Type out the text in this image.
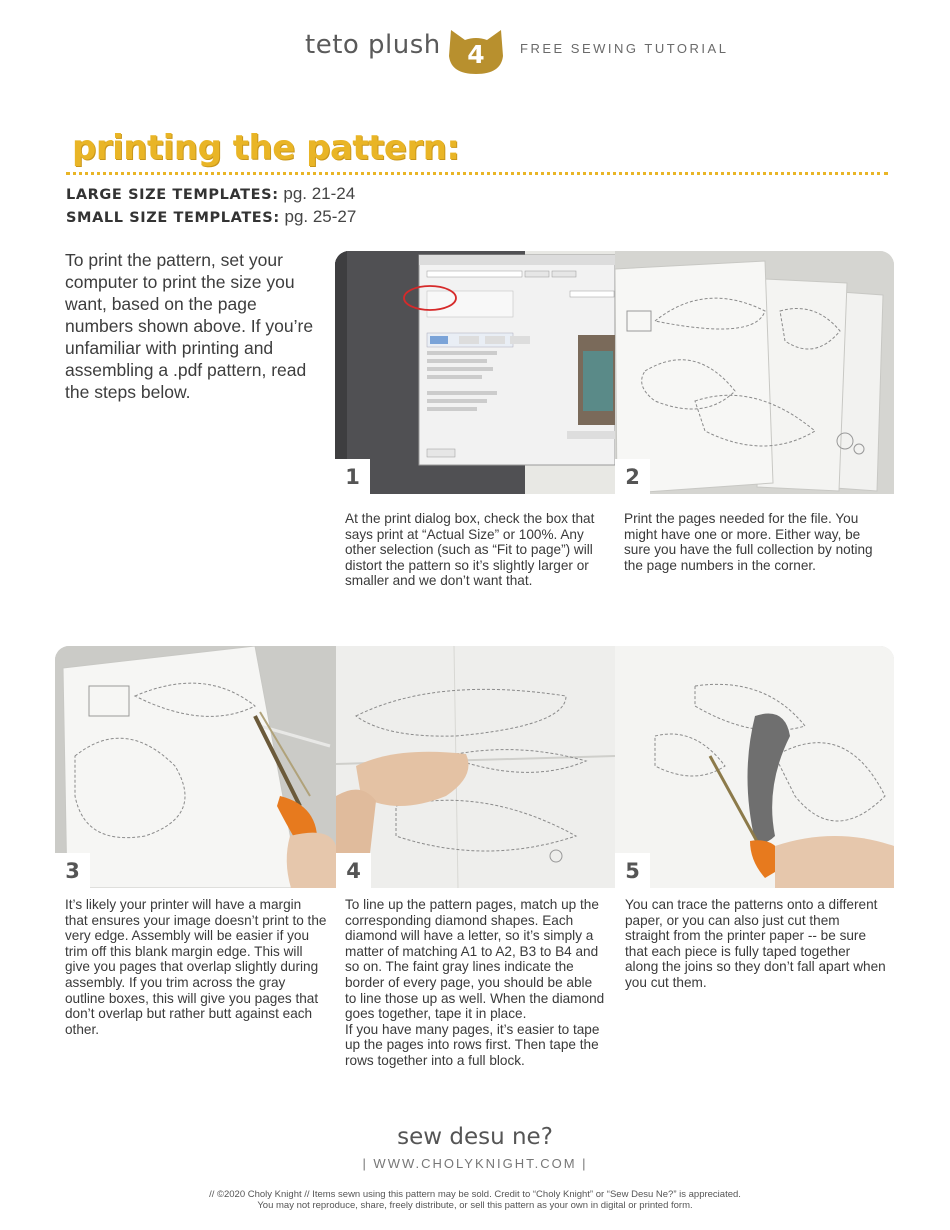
teto plush	4	FREE SEWING TUTORIAL
printing the pattern:
LARGE SIZE TEMPLATES: pg. 21-24
SMALL SIZE TEMPLATES: pg. 25-27
To print the pattern, set your computer to print the size you want, based on the page numbers shown above. If you’re unfamiliar with printing and assembling a .pdf pattern, read the steps below.
1	2
At the print dialog box, check the box that says print at “Actual Size” or 100%. Any other selection (such as “Fit to page”) will distort the pattern so it’s slightly larger or smaller and we don’t want that.
Print the pages needed for the file. You might have one or more. Either way, be sure you have the full collection by noting the page numbers in the corner.
3	4	5
It’s likely your printer will have a margin that ensures your image doesn’t print to the very edge. Assembly will be easier if you trim off this blank margin edge. This will give you pages that overlap slightly during assembly. If you trim across the gray outline boxes, this will give you pages that don’t overlap but rather butt against each other.
To line up the pattern pages, match up the corresponding diamond shapes. Each diamond will have a letter, so it’s simply a matter of matching A1 to A2, B3 to B4 and so on. The faint gray lines indicate the border of every page, you should be able to line those up as well. When the diamond goes together, tape it in place.
If you have many pages, it’s easier to tape up the pages into rows first. Then tape the rows together into a full block.
You can trace the patterns onto a different paper, or you can also just cut them straight from the printer paper -- be sure that each piece is fully taped together along the joins so they don’t fall apart when you cut them.
sew desu ne?
| WWW.CHOLYKNIGHT.COM |
// ©2020 Choly Knight // Items sewn using this pattern may be sold. Credit to “Choly Knight” or “Sew Desu Ne?” is appreciated.
You may not reproduce, share, freely distribute, or sell this pattern as your own in digital or printed form.
